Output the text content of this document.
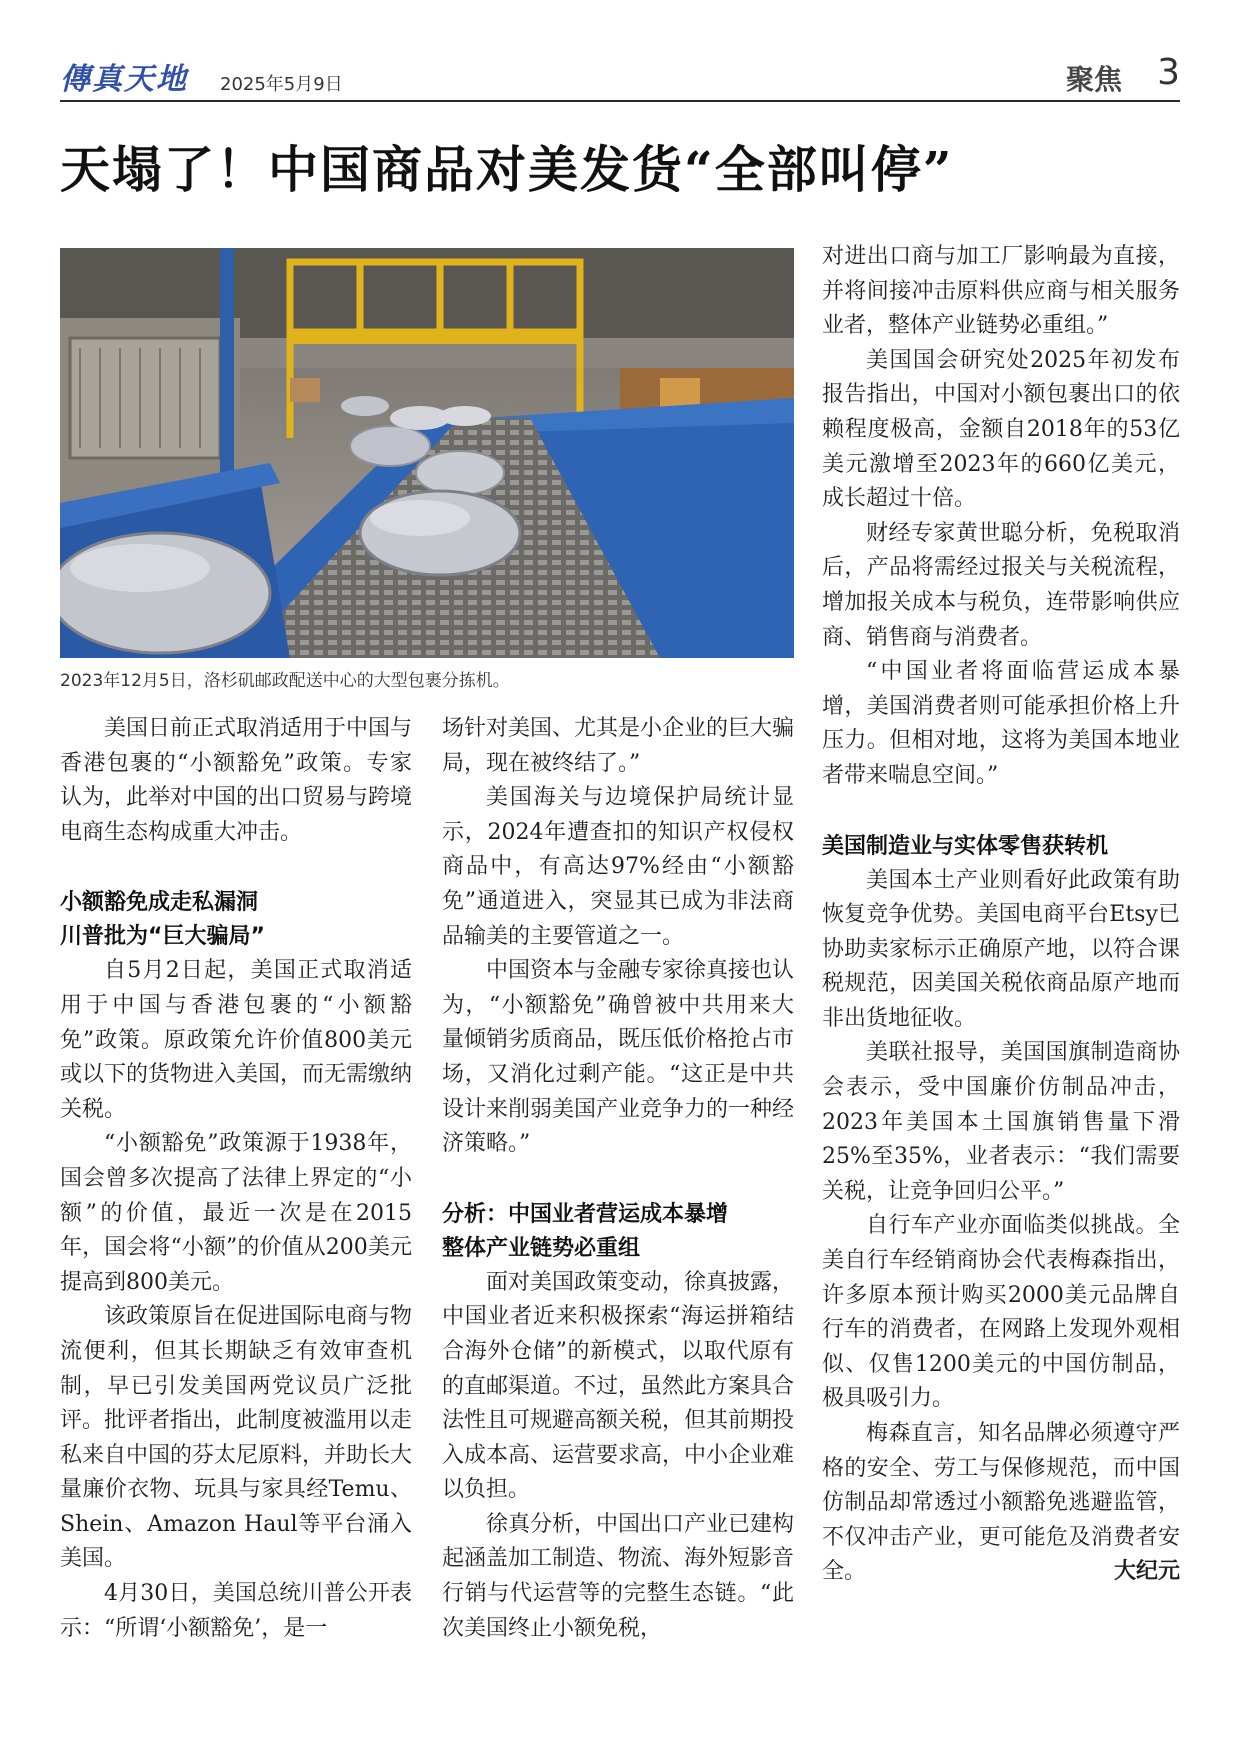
傳真天地 2025年5月9日	聚焦 3
天塌了！中国商品对美发货“全部叫停”
2023年12月5日，洛杉矶邮政配送中心的大型包裹分拣机。

美国日前正式取消适用于中国与香港包裹的“小额豁免”政策。专家认为，此举对中国的出口贸易与跨境电商生态构成重大冲击。

小额豁免成走私漏洞
川普批为“巨大骗局”

自5月2日起，美国正式取消适用于中国与香港包裹的“小额豁免”政策。原政策允许价值800美元或以下的货物进入美国，而无需缴纳关税。

“小额豁免”政策源于1938年，国会曾多次提高了法律上界定的“小额”的价值，最近一次是在2015年，国会将“小额”的价值从200美元提高到800美元。

该政策原旨在促进国际电商与物流便利，但其长期缺乏有效审查机制，早已引发美国两党议员广泛批评。批评者指出，此制度被滥用以走私来自中国的芬太尼原料，并助长大量廉价衣物、玩具与家具经Temu、Shein、Amazon Haul等平台涌入美国。

4月30日，美国总统川普公开表示：“所谓‘小额豁免’，是一

场针对美国、尤其是小企业的巨大骗局，现在被终结了。”

美国海关与边境保护局统计显示，2024年遭查扣的知识产权侵权商品中，有高达97%经由“小额豁免”通道进入，突显其已成为非法商品输美的主要管道之一。

中国资本与金融专家徐真接也认为，“小额豁免”确曾被中共用来大量倾销劣质商品，既压低价格抢占市场，又消化过剩产能。“这正是中共设计来削弱美国产业竞争力的一种经济策略。”

分析：中国业者营运成本暴增
整体产业链势必重组

面对美国政策变动，徐真披露，中国业者近来积极探索“海运拼箱结合海外仓储”的新模式，以取代原有的直邮渠道。不过，虽然此方案具合法性且可规避高额关税，但其前期投入成本高、运营要求高，中小企业难以负担。

徐真分析，中国出口产业已建构起涵盖加工制造、物流、海外短影音行销与代运营等的完整生态链。“此次美国终止小额免税，

对进出口商与加工厂影响最为直接，并将间接冲击原料供应商与相关服务业者，整体产业链势必重组。”

美国国会研究处2025年初发布报告指出，中国对小额包裹出口的依赖程度极高，金额自2018年的53亿美元激增至2023年的660亿美元，成长超过十倍。

财经专家黄世聪分析，免税取消后，产品将需经过报关与关税流程，增加报关成本与税负，连带影响供应商、销售商与消费者。

“中国业者将面临营运成本暴增，美国消费者则可能承担价格上升压力。但相对地，这将为美国本地业者带来喘息空间。”

美国制造业与实体零售获转机

美国本土产业则看好此政策有助恢复竞争优势。美国电商平台Etsy已协助卖家标示正确原产地，以符合课税规范，因美国关税依商品原产地而非出货地征收。

美联社报导，美国国旗制造商协会表示，受中国廉价仿制品冲击，2023年美国本土国旗销售量下滑25%至35%，业者表示：“我们需要关税，让竞争回归公平。”

自行车产业亦面临类似挑战。全美自行车经销商协会代表梅森指出，许多原本预计购买2000美元品牌自行车的消费者，在网路上发现外观相似、仅售1200美元的中国仿制品，极具吸引力。

梅森直言，知名品牌必须遵守严格的安全、劳工与保修规范，而中国仿制品却常透过小额豁免逃避监管，不仅冲击产业，更可能危及消费者安全。	大纪元
